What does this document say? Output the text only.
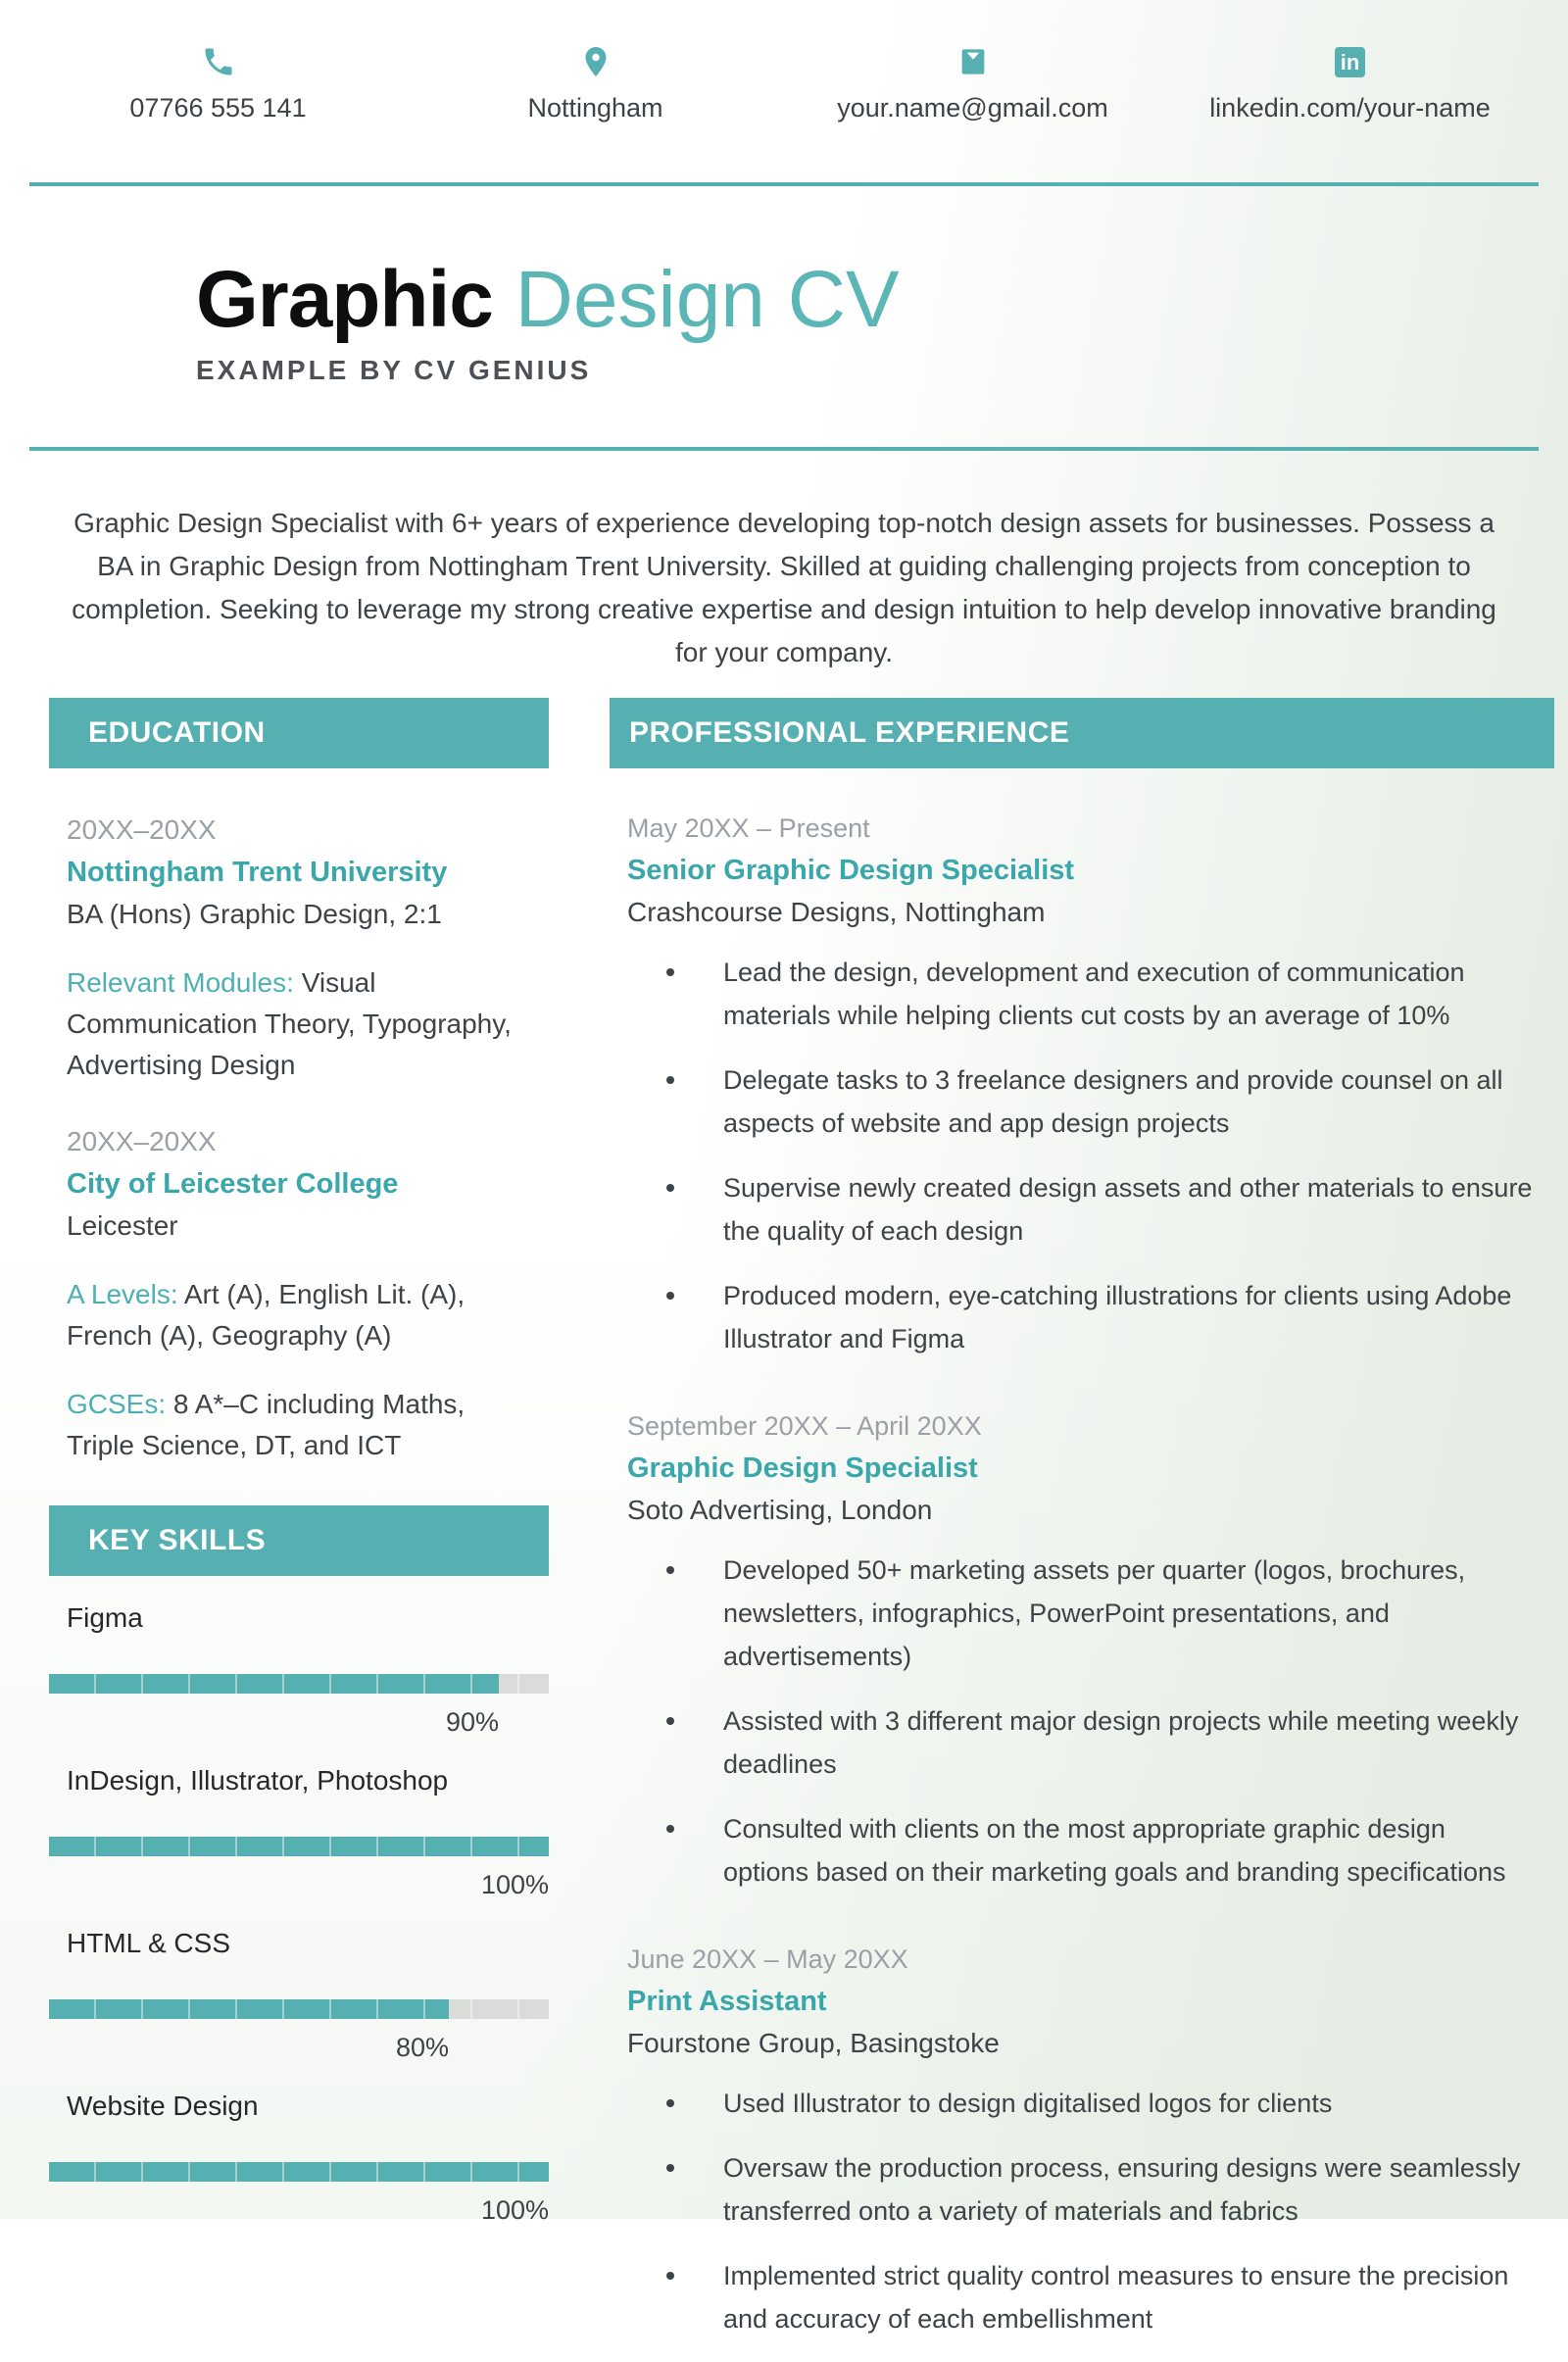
07766 555 141	Nottingham	your.name@gmail.com
in
linkedin.com/your-name
Graphic Design CV
EXAMPLE BY CV GENIUS

Graphic Design Specialist with 6+ years of experience developing top-notch design assets for businesses. Possess a BA in Graphic Design from Nottingham Trent University. Skilled at guiding challenging projects from conception to completion. Seeking to leverage my strong creative expertise and design intuition to help develop innovative branding for your company.

EDUCATION
20XX–20XX
Nottingham Trent University
BA (Hons) Graphic Design, 2:1

Relevant Modules: Visual Communication Theory, Typography, Advertising Design

20XX–20XX
City of Leicester College
Leicester

A Levels: Art (A), English Lit. (A), French (A), Geography (A)

GCSEs: 8 A*–C including Maths, Triple Science, DT, and ICT

KEY SKILLS
Figma
90%
InDesign, Illustrator, Photoshop
100%
HTML & CSS
80%
Website Design
100%
PROFESSIONAL EXPERIENCE
May 20XX – Present
Senior Graphic Design Specialist
Crashcourse Designs, Nottingham
Lead the design, development and execution of communication materials while helping clients cut costs by an average of 10%
Delegate tasks to 3 freelance designers and provide counsel on all aspects of website and app design projects
Supervise newly created design assets and other materials to ensure the quality of each design
Produced modern, eye-catching illustrations for clients using Adobe Illustrator and Figma
September 20XX – April 20XX
Graphic Design Specialist
Soto Advertising, London
Developed 50+ marketing assets per quarter (logos, brochures, newsletters, infographics, PowerPoint presentations, and advertisements)
Assisted with 3 different major design projects while meeting weekly deadlines
Consulted with clients on the most appropriate graphic design options based on their marketing goals and branding specifications
June 20XX – May 20XX
Print Assistant
Fourstone Group, Basingstoke
Used Illustrator to design digitalised logos for clients
Oversaw the production process, ensuring designs were seamlessly transferred onto a variety of materials and fabrics
Implemented strict quality control measures to ensure the precision and accuracy of each embellishment
